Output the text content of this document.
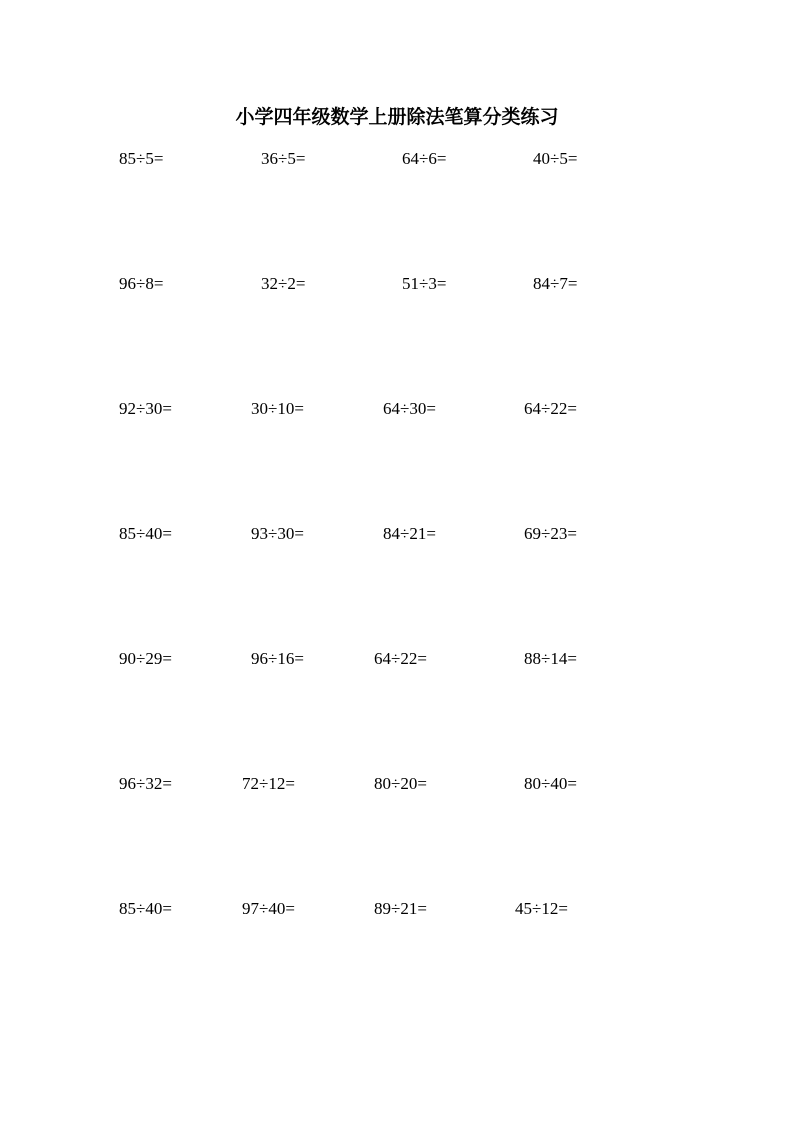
小学四年级数学上册除法笔算分类练习
85÷5=	36÷5=	64÷6=	40÷5=
96÷8=	32÷2=	51÷3=	84÷7=
92÷30=	30÷10=	64÷30=	64÷22=
85÷40=	93÷30=	84÷21=	69÷23=
90÷29=	96÷16=	64÷22=	88÷14=
96÷32=	72÷12=	80÷20=	80÷40=
85÷40=	97÷40=	89÷21=	45÷12=
